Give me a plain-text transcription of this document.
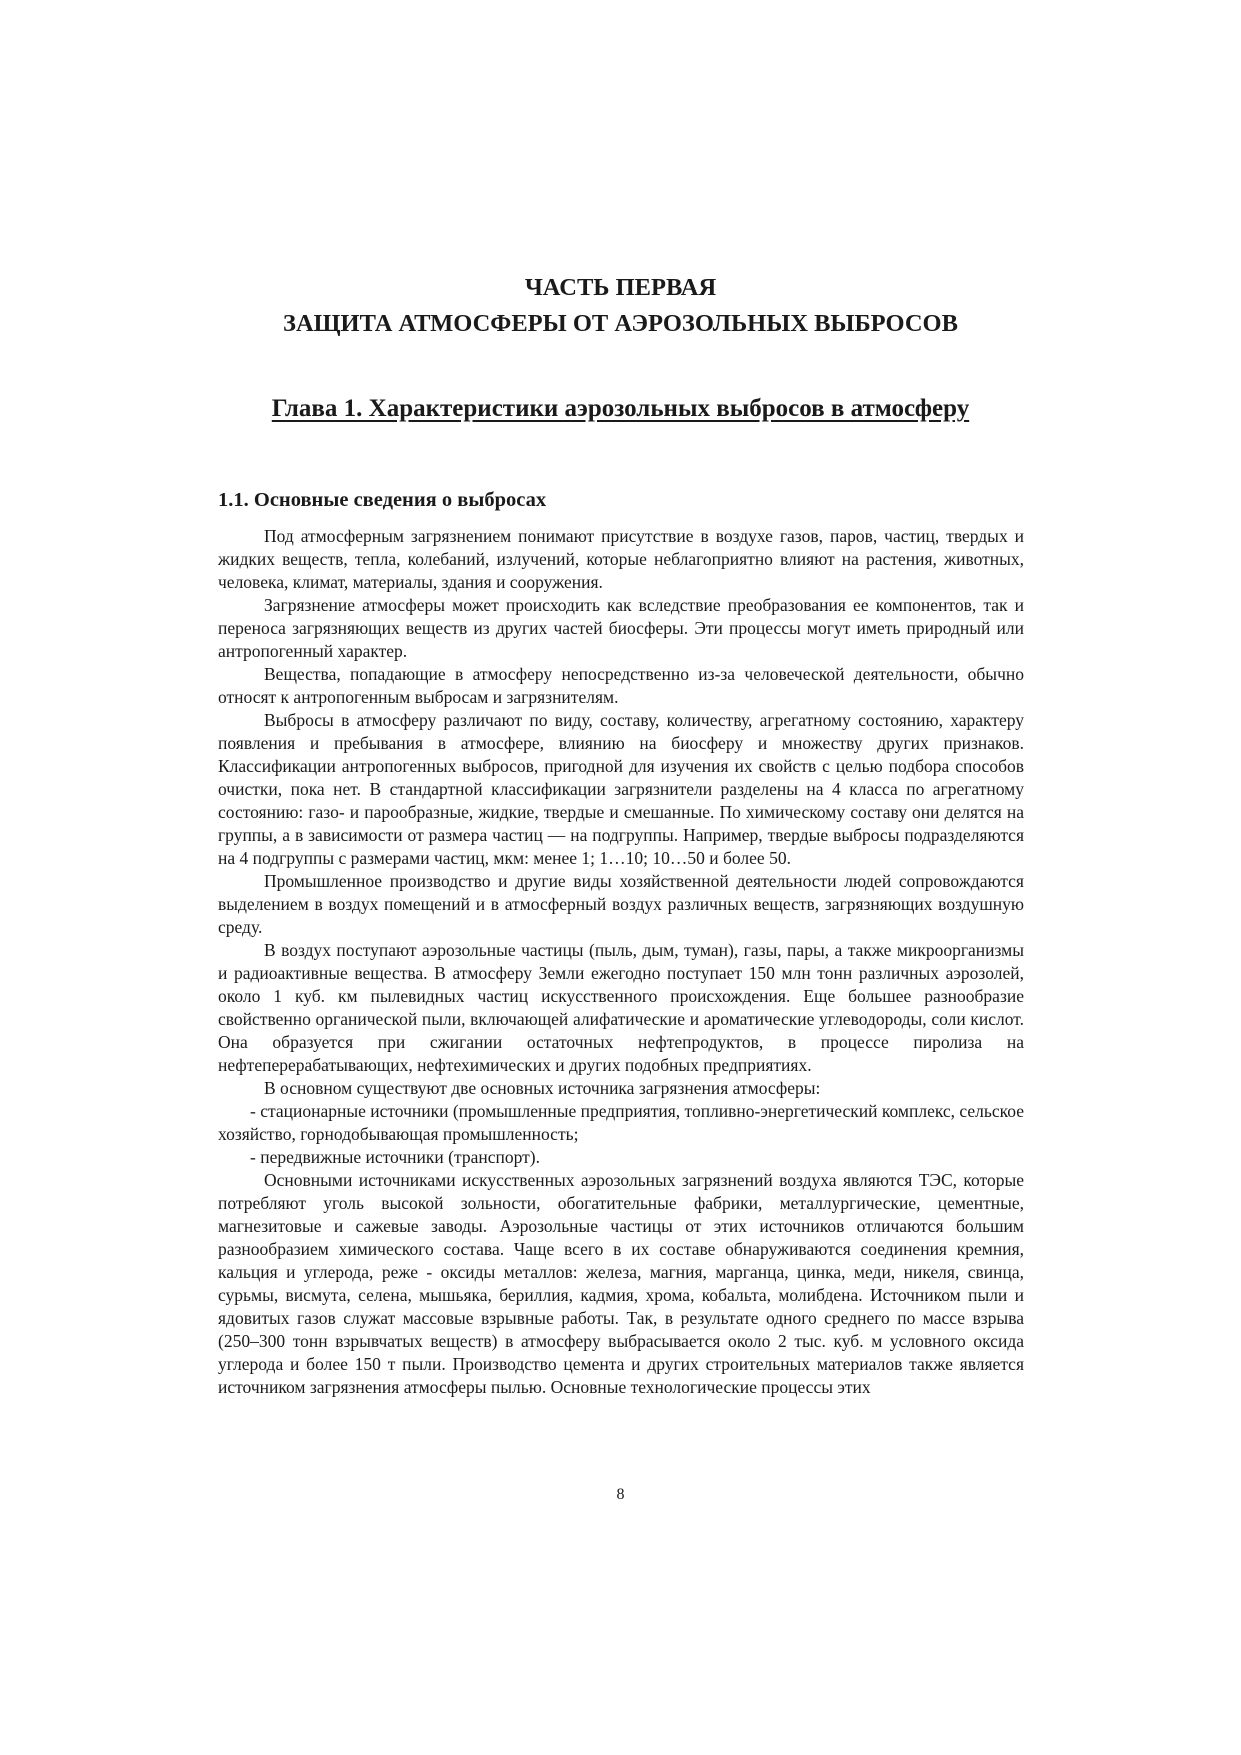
ЧАСТЬ ПЕРВАЯ
ЗАЩИТА АТМОСФЕРЫ ОТ АЭРОЗОЛЬНЫХ ВЫБРОСОВ
Глава 1. Характеристики аэрозольных выбросов в атмосферу
1.1. Основные сведения о выбросах

Под атмосферным загрязнением понимают присутствие в воздухе газов, паров, частиц, твердых и жидких веществ, тепла, колебаний, излучений, которые неблагоприятно влияют на растения, животных, человека, климат, материалы, здания и сооружения.

Загрязнение атмосферы может происходить как вследствие преобразования ее компонентов, так и переноса загрязняющих веществ из других частей биосферы. Эти процессы могут иметь природный или антропогенный характер.

Вещества, попадающие в атмосферу непосредственно из-за человеческой деятельности, обычно относят к антропогенным выбросам и загрязнителям.

Выбросы в атмосферу различают по виду, составу, количеству, агрегатному состоянию, характеру появления и пребывания в атмосфере, влиянию на биосферу и множеству других признаков. Классификации антропогенных выбросов, пригодной для изучения их свойств с целью подбора способов очистки, пока нет. В стандартной классификации загрязнители разделены на 4 класса по агрегатному состоянию: газо- и парообразные, жидкие, твердые и смешанные. По химическому составу они делятся на группы, а в зависимости от размера частиц — на подгруппы. Например, твердые выбросы подразделяются на 4 подгруппы с размерами частиц, мкм: менее 1; 1…10; 10…50 и более 50.

Промышленное производство и другие виды хозяйственной деятельности людей сопровождаются выделением в воздух помещений и в атмосферный воздух различных веществ, загрязняющих воздушную среду.

В воздух поступают аэрозольные частицы (пыль, дым, туман), газы, пары, а также микроорганизмы и радиоактивные вещества. В атмосферу Земли ежегодно поступает 150 млн тонн различных аэрозолей, около 1 куб. км пылевидных частиц искусственного происхождения. Еще большее разнообразие свойственно органической пыли, включающей алифатические и ароматические углеводороды, соли кислот. Она образуется при сжигании остаточных нефтепродуктов, в процессе пиролиза на нефтеперерабатывающих, нефтехимических и других подобных предприятиях.

В основном существуют две основных источника загрязнения атмосферы:

- стационарные источники (промышленные предприятия, топливно-энергетический комплекс, сельское хозяйство, горнодобывающая промышленность;

- передвижные источники (транспорт).

Основными источниками искусственных аэрозольных загрязнений воздуха являются ТЭС, которые потребляют уголь высокой зольности, обогатительные фабрики, металлургические, цементные, магнезитовые и сажевые заводы. Аэрозольные частицы от этих источников отличаются большим разнообразием химического состава. Чаще всего в их составе обнаруживаются соединения кремния, кальция и углерода, реже - оксиды металлов: железа, магния, марганца, цинка, меди, никеля, свинца, сурьмы, висмута, селена, мышьяка, бериллия, кадмия, хрома, кобальта, молибдена. Источником пыли и ядовитых газов служат массовые взрывные работы. Так, в результате одного среднего по массе взрыва (250–300 тонн взрывчатых веществ) в атмосферу выбрасывается около 2 тыс. куб. м условного оксида углерода и более 150 т пыли. Производство цемента и других строительных материалов также является источником загрязнения атмосферы пылью. Основные технологические процессы этих

8
